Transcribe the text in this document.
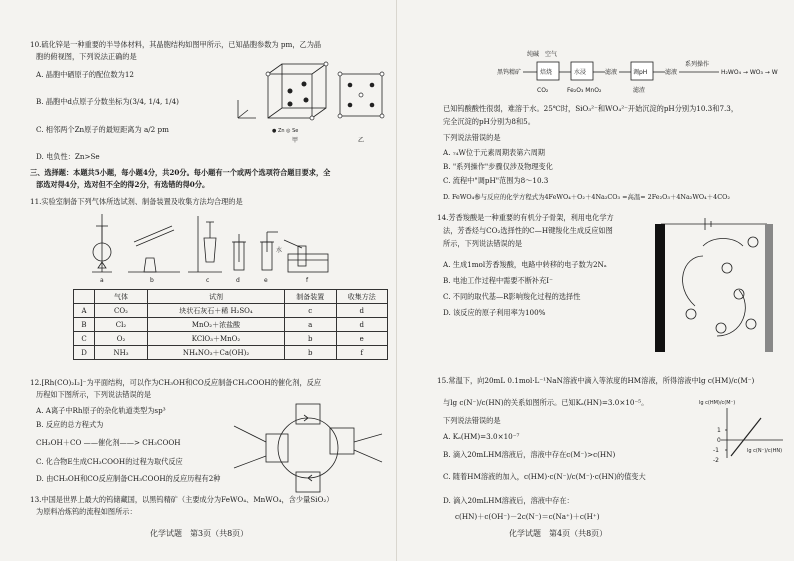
10.硫化锌是一种重要的半导体材料，其晶胞结构如图甲所示，已知晶胞参数为 pm，乙为晶
胞的俯视图，下列说法正确的是
A. 晶胞中硒原子的配位数为12
B. 晶胞中d点原子分数坐标为(3/4, 1/4, 1/4)
C. 相邻两个Zn原子的最短距离为 a/2 pm
D. 电负性：Zn>Se
甲	乙
● Zn ◎ Se
三、选择题：本题共5小题，每小题4分，共20分。每小题有一个或两个选项符合题目要求，全
部选对得4分，选对但不全的得2分，有选错的得0分。
11.实验室制备下列气体所选试剂、制备装置及收集方法均合理的是
水
a	b	c	d	e	f
	气体	试剂	制备装置	收集方法
A	CO₂	块状石灰石＋稀 H₂SO₄	c	d
B	Cl₂	MnO₂＋浓盐酸	a	d
C	O₂	KClO₃＋MnO₂	b	e
D	NH₃	NH₄NO₃＋Ca(OH)₂	b	f
12.[Rh(CO)₂I₂]⁻为平面结构，可以作为CH₃OH和CO反应制备CH₃COOH的催化剂，反应
历程如下图所示，下列说法错误的是
A. A离子中Rh原子的杂化轨道类型为sp³
B. 反应的总方程式为
CH₃OH＋CO ——催化剂——> CH₃COOH
C. 化合物E生成CH₃COOH的过程为取代反应
D. 由CH₃OH和CO反应制备CH₃COOH的反应历程有2种
13.中国是世界上最大的钨储藏国，以黑钨精矿（主要成分为FeWO₄、MnWO₄，含少量SiO₂）
为原料冶炼钨的流程如图所示：
化学试题　第3页（共8页）
纯碱　空气
黑钨精矿	焙烧	水浸	滤液	调pH	滤液
系列操作
H₂WO₄ → WO₃ → W
CO₂	Fe₂O₃ MnO₂	滤渣
已知钨酸酸性很弱，难溶于水。25℃时，SiO₃²⁻和WO₄²⁻开始沉淀的pH分别为10.3和7.3，
完全沉淀的pH分别为8和5。
下列说法错误的是
A. ₇₄W位于元素周期表第六周期
B. "系列操作"步骤仅涉及物理变化
C. 流程中"调pH"范围为8～10.3
D. FeWO₄参与反应的化学方程式为4FeWO₄＋O₂＋4Na₂CO₃ =高温= 2Fe₂O₃＋4Na₂WO₄＋4CO₂
14.芳香羧酸是一种重要的有机分子骨架，利用电化学方
法，芳香烃与CO₂选择性的C—H键羧化生成反应如图
所示，下列说法错误的是
A. 生成1mol芳香羧酸，电路中转移的电子数为2Nₐ
B. 电池工作过程中需要不断补充I⁻
C. 不同的取代基—R影响羧化过程的选择性
D. 该反应的原子利用率为100%
15.常温下，向20mL 0.1mol·L⁻¹NaN溶液中滴入等浓度的HM溶液，所得溶液中lg c(HM)/c(M⁻)
与lg c(N⁻)/c(HN)的关系如图所示。已知Kₐ(HN)=3.0×10⁻⁵。
下列说法错误的是
A. Kₐ(HM)=3.0×10⁻⁷
B. 滴入20mLHM溶液后，溶液中存在c(M⁻)>c(HN)
C. 随着HM溶液的加入，c(HM)·c(N⁻)/c(M⁻)·c(HN)的值变大
D. 滴入20mLHM溶液后，溶液中存在：
c(HN)＋c(OH⁻)－2c(N⁻)＝c(Na⁺)＋c(H⁺)
lg c(HM)/c(M⁻)
1
0
-1
-2
lg c(N⁻)/c(HN)
化学试题　第4页（共8页）
